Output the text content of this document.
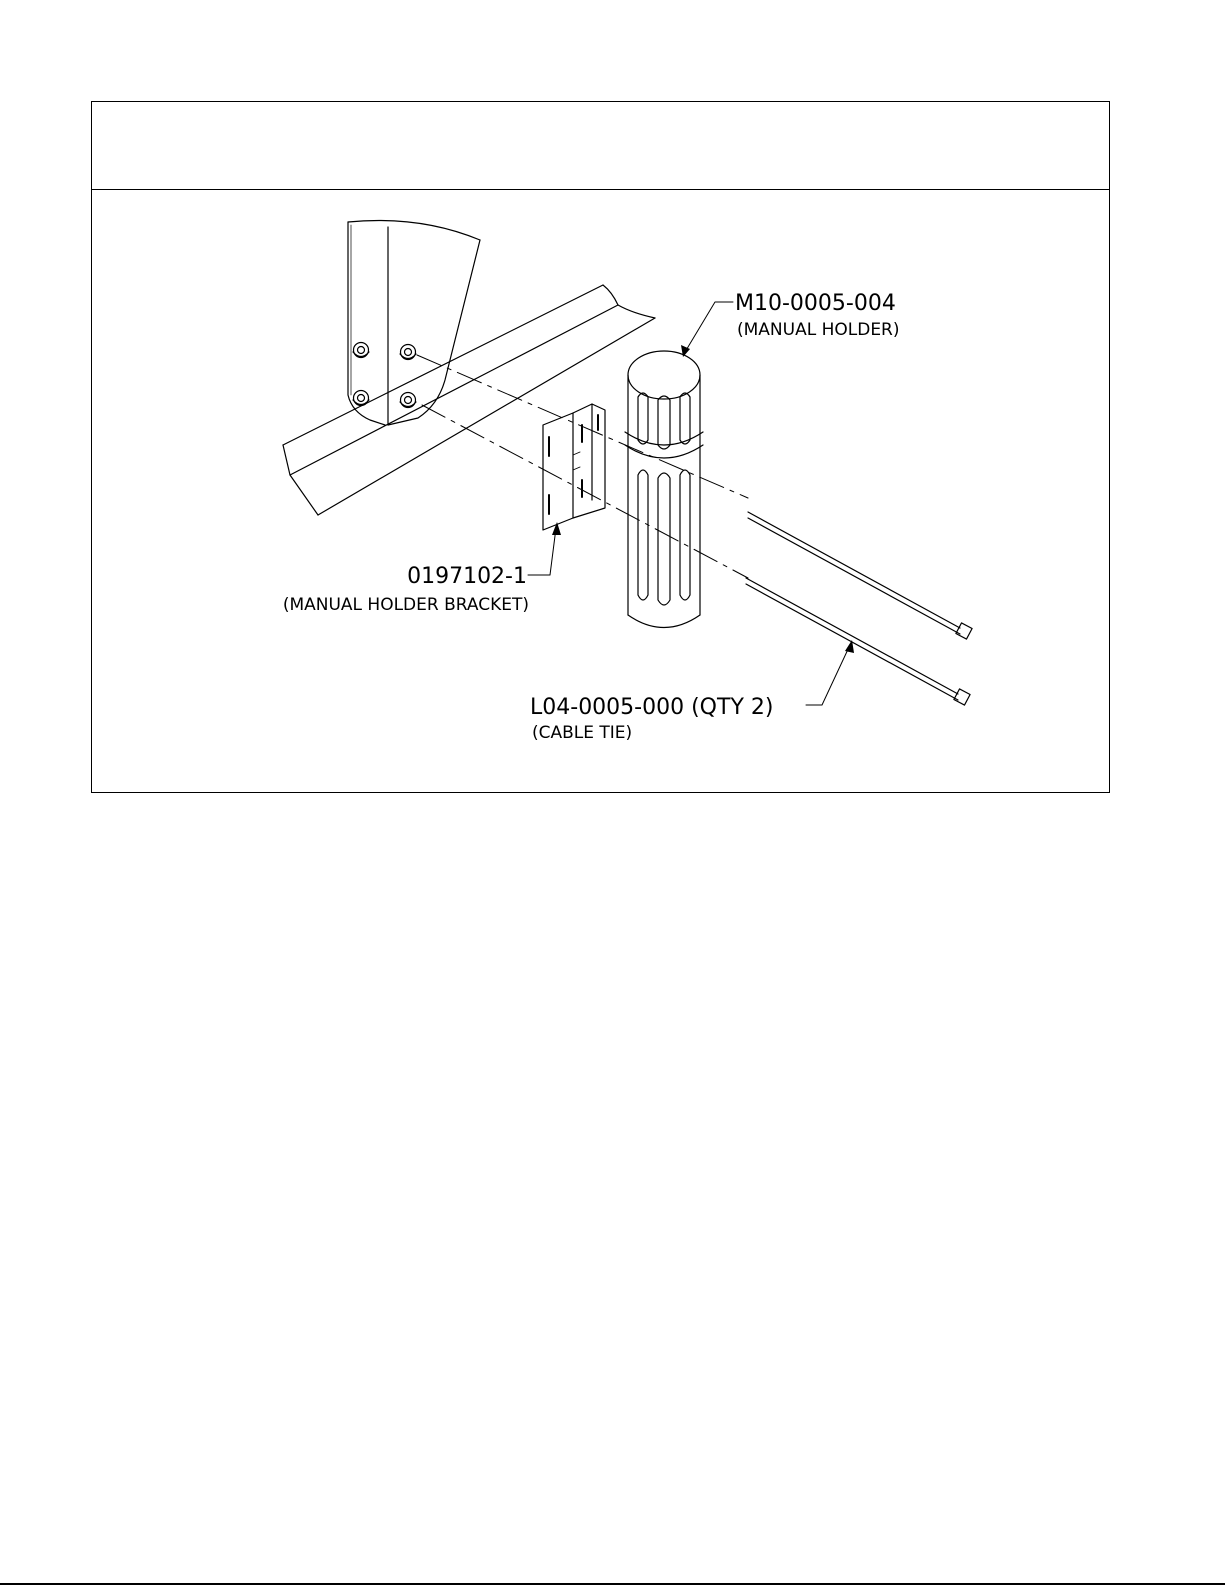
M10-0005-004
(MANUAL HOLDER)
0197102-1
(MANUAL HOLDER BRACKET)
L04-0005-000 (QTY 2)
(CABLE TIE)
